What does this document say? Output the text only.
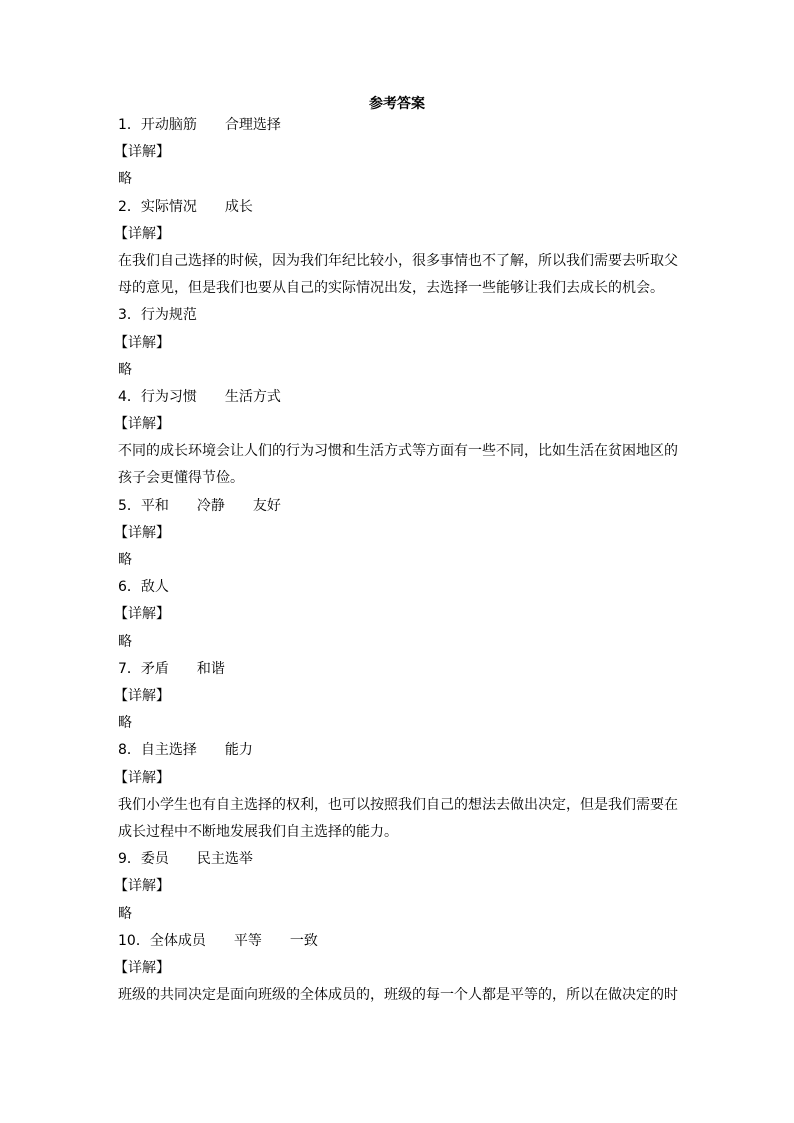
参考答案
1．开动脑筋 合理选择
【详解】
略
2．实际情况 成长
【详解】
在我们自己选择的时候，因为我们年纪比较小，很多事情也不了解，所以我们需要去听取父母的意见，但是我们也要从自己的实际情况出发，去选择一些能够让我们去成长的机会。
3．行为规范
【详解】
略
4．行为习惯 生活方式
【详解】
不同的成长环境会让人们的行为习惯和生活方式等方面有一些不同，比如生活在贫困地区的孩子会更懂得节俭。
5．平和 冷静 友好
【详解】
略
6．敌人
【详解】
略
7．矛盾 和谐
【详解】
略
8．自主选择 能力
【详解】
我们小学生也有自主选择的权利，也可以按照我们自己的想法去做出决定，但是我们需要在成长过程中不断地发展我们自主选择的能力。
9．委员 民主选举
【详解】
略
10．全体成员 平等 一致
【详解】
班级的共同决定是面向班级的全体成员的，班级的每一个人都是平等的，所以在做决定的时
